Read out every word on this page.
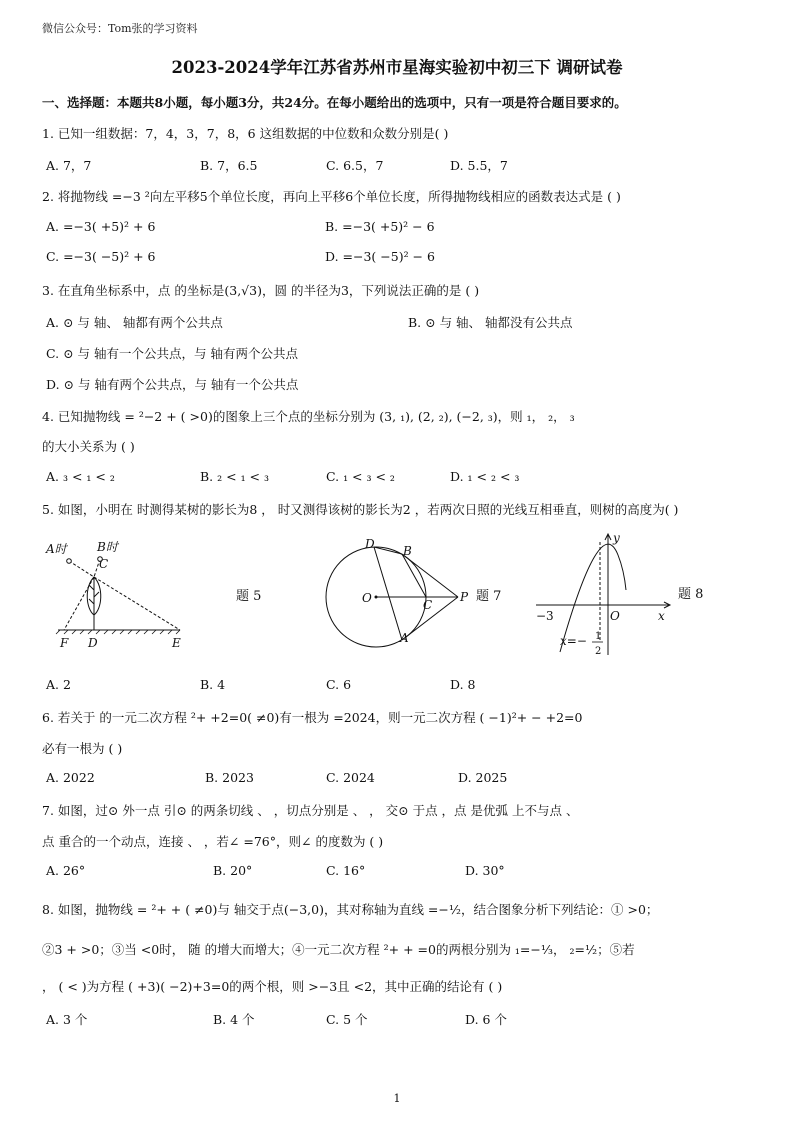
微信公众号：Tom张的学习资料
2023-2024学年江苏省苏州市星海实验初中初三下 调研试卷
一、选择题：本题共8小题，每小题3分，共24分。在每小题给出的选项中，只有一项是符合题目要求的。
1. 已知一组数据：7，4，3，7，8，6 这组数据的中位数和众数分别是( )
A. 7，7	B. 7，6.5	C. 6.5，7	D. 5.5，7
2. 将抛物线 =−3 ²向左平移5个单位长度，再向上平移6个单位长度，所得抛物线相应的函数表达式是 ( )
A. =−3( +5)² + 6	B. =−3( +5)² − 6
C. =−3( −5)² + 6	D. =−3( −5)² − 6
3. 在直角坐标系中，点 的坐标是(3,√3)，圆 的半径为3，下列说法正确的是 ( )
A. ⊙ 与 轴、 轴都有两个公共点	B. ⊙ 与 轴、 轴都没有公共点
C. ⊙ 与 轴有一个公共点，与 轴有两个公共点
D. ⊙ 与 轴有两个公共点，与 轴有一个公共点
4. 已知抛物线 = ²−2 + ( >0)的图象上三个点的坐标分别为 (3, ₁), (2, ₂), (−2, ₃)，则 ₁， ₂， ₃
的大小关系为 ( )
A. ₃ < ₁ < ₂	B. ₂ < ₁ < ₃	C. ₁ < ₃ < ₂	D. ₁ < ₂ < ₃
5. 如图，小明在 时测得某树的影长为8 ， 时又测得该树的影长为2 ，若两次日照的光线互相垂直，则树的高度为( )
A时	B时
C
F D	E
题 5
D B
O	C
P
A
题 7
y
x
O
−3
x=− 1
2
题 8
A. 2	B. 4	C. 6	D. 8
6. 若关于 的一元二次方程 ²+ +2=0( ≠0)有一根为 =2024，则一元二次方程 ( −1)²+ − +2=0
必有一根为 ( )
A. 2022	B. 2023	C. 2024	D. 2025
7. 如图，过⊙ 外一点 引⊙ 的两条切线 、 ，切点分别是 、 ， 交⊙ 于点 ，点 是优弧 上不与点 、
点 重合的一个动点，连接 、 ，若∠ =76°，则∠ 的度数为 ( )
A. 26°	B. 20°	C. 16°	D. 30°
8. 如图，抛物线 = ²+ + ( ≠0)与 轴交于点(−3,0)，其对称轴为直线 =−½，结合图象分析下列结论：① >0；
②3 + >0；③当 <0时， 随 的增大而增大；④一元二次方程 ²+ + =0的两根分别为 ₁=−⅓， ₂=½；⑤若
， ( < )为方程 ( +3)( −2)+3=0的两个根，则 >−3且 <2，其中正确的结论有 ( )
A. 3 个	B. 4 个	C. 5 个	D. 6 个
1
